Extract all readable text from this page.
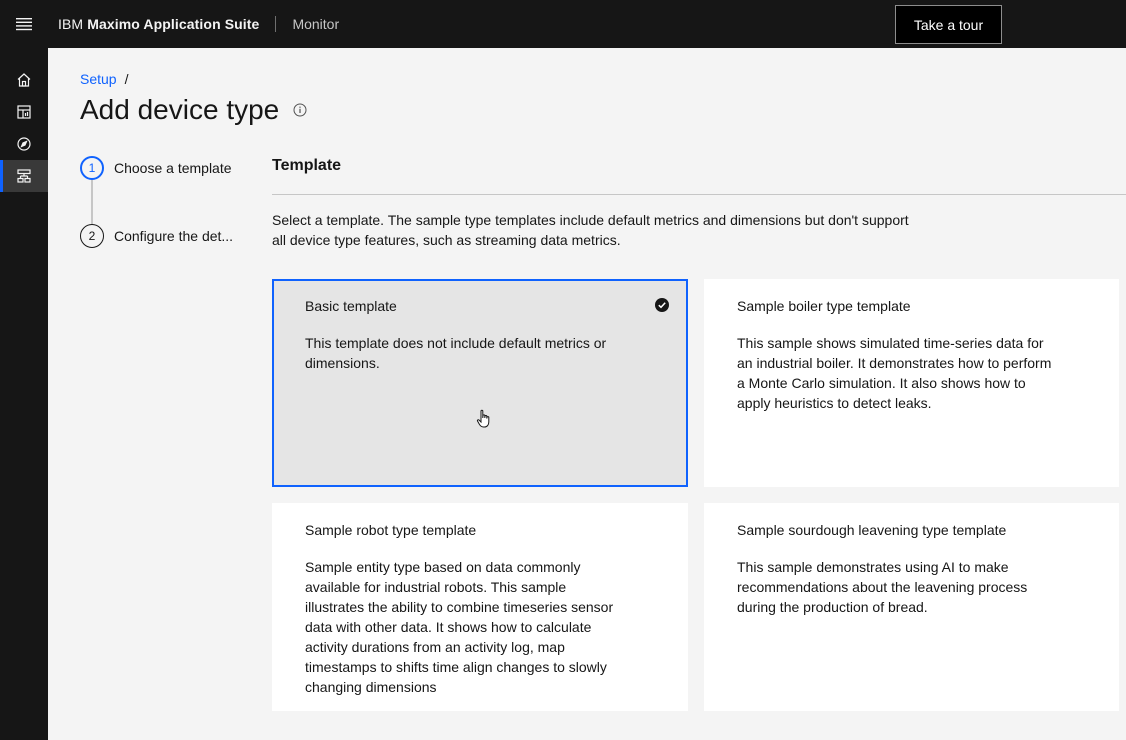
IBM Maximo Application Suite	Monitor	Take a tour
Setup /
Add device type
1	Choose a template
2	Configure the det...
Template

Select a template. The sample type templates include default metrics and dimensions but don't support all device type features, such as streaming data metrics.

Basic template
This template does not include default metrics or dimensions.
Sample boiler type template
This sample shows simulated time-series data for an industrial boiler. It demonstrates how to perform a Monte Carlo simulation. It also shows how to apply heuristics to detect leaks.
Sample robot type template
Sample entity type based on data commonly available for industrial robots. This sample illustrates the ability to combine timeseries sensor data with other data. It shows how to calculate activity durations from an activity log, map timestamps to shifts time align changes to slowly changing dimensions
Sample sourdough leavening type template
This sample demonstrates using AI to make recommendations about the leavening process during the production of bread.
